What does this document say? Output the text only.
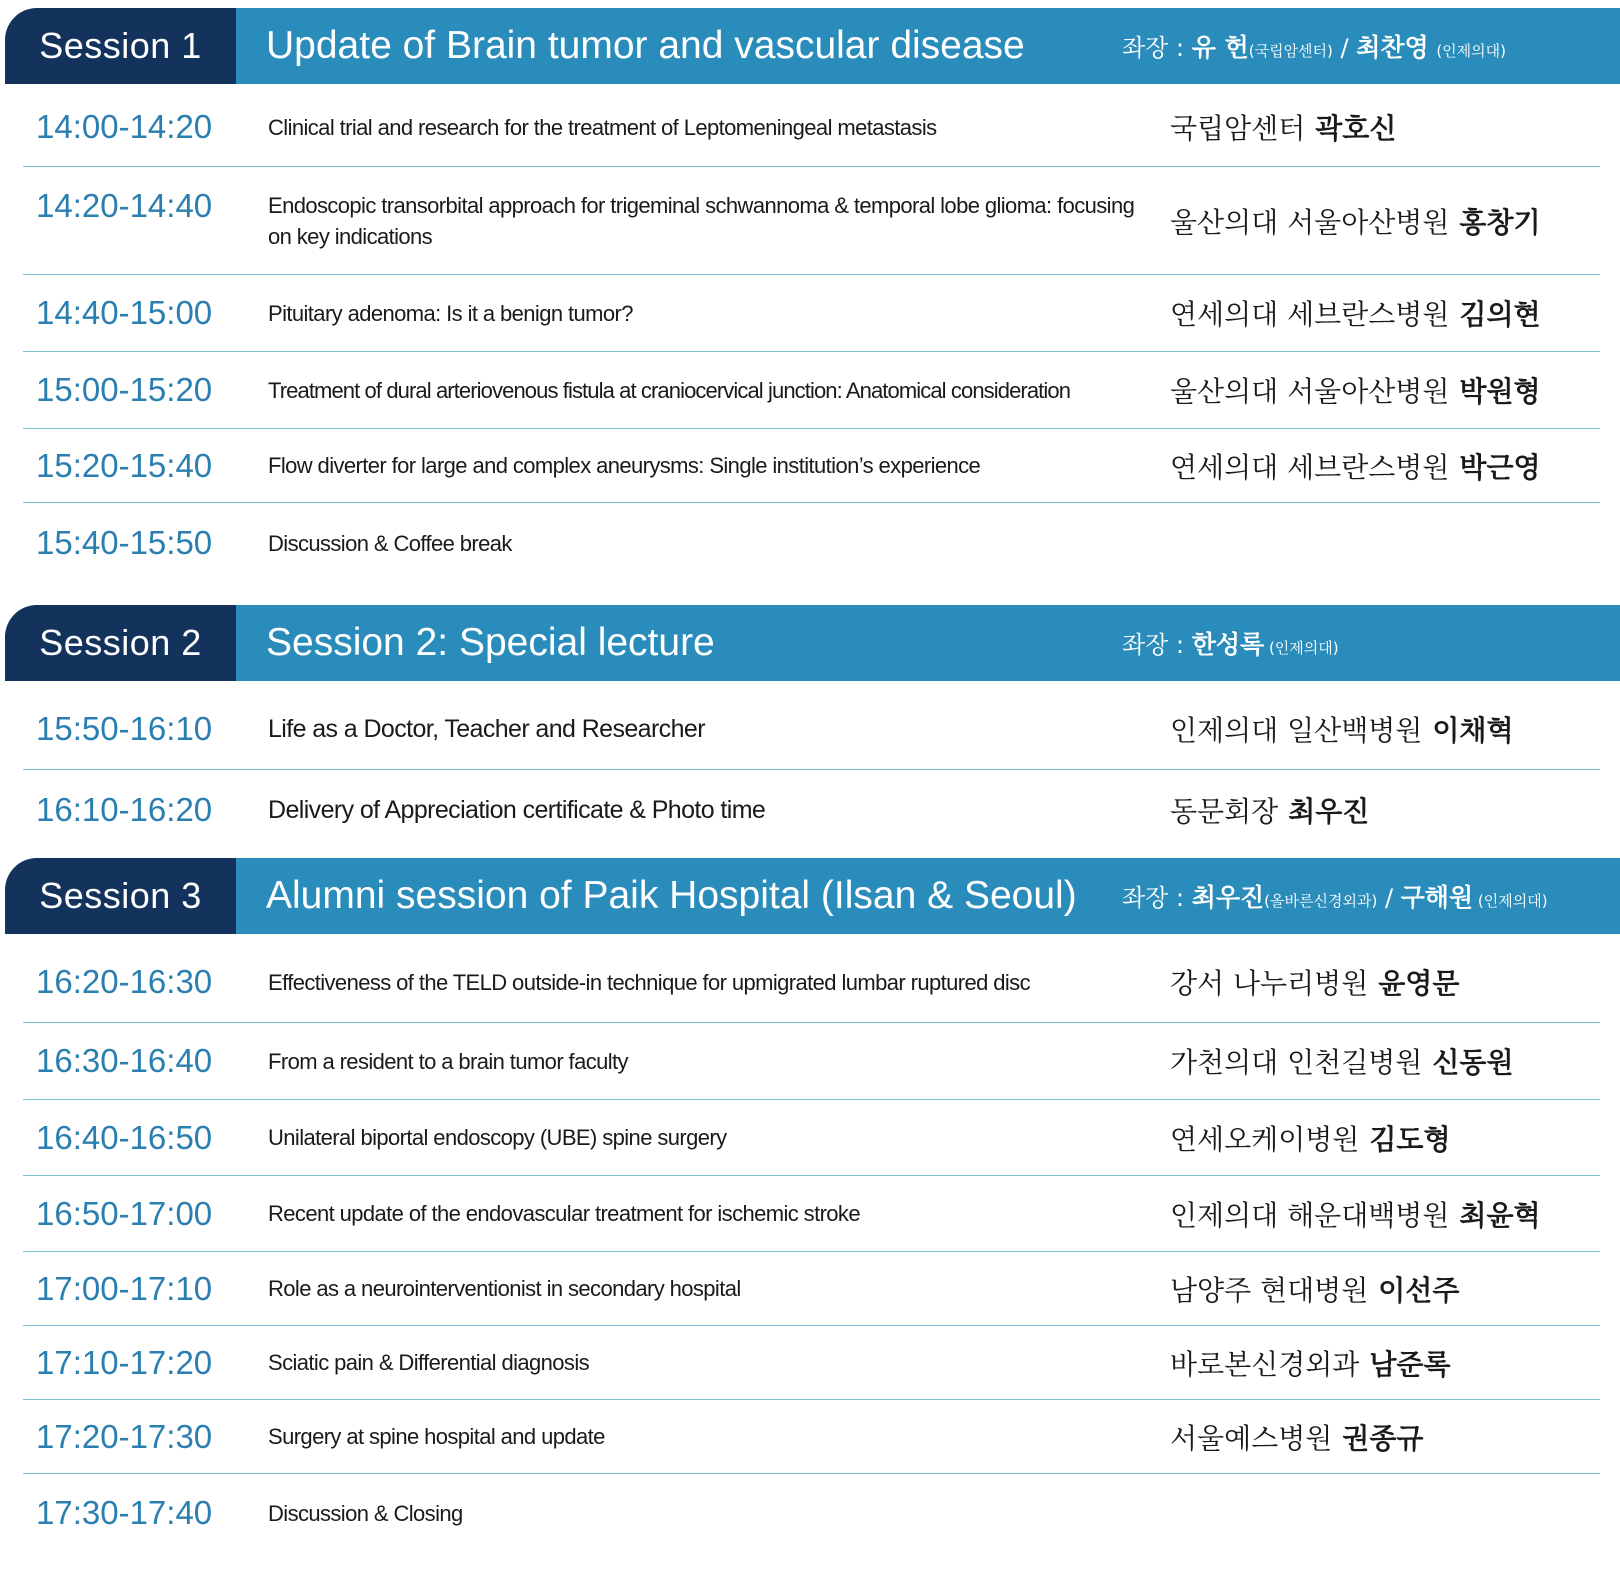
Session 1	Update of Brain tumor and vascular disease	좌장 : 유 헌(국립암센터) / 최찬영 (인제의대)
14:00-14:20	Clinical trial and research for the treatment of Leptomeningeal metastasis	국립암센터 곽호신
14:20-14:40	Endoscopic transorbital approach for trigeminal schwannoma & temporal lobe glioma: focusing on key indications	울산의대 서울아산병원 홍창기
14:40-15:00	Pituitary adenoma: Is it a benign tumor?	연세의대 세브란스병원 김의현
15:00-15:20	Treatment of dural arteriovenous fistula at craniocervical junction: Anatomical consideration	울산의대 서울아산병원 박원형
15:20-15:40	Flow diverter for large and complex aneurysms: Single institution’s experience	연세의대 세브란스병원 박근영
15:40-15:50	Discussion & Coffee break
Session 2	Session 2: Special lecture	좌장 : 한성록 (인제의대)
15:50-16:10 Life as a Doctor, Teacher and Researcher	인제의대 일산백병원 이채혁
16:10-16:20 Delivery of Appreciation certificate & Photo time	동문회장 최우진
Session 3	Alumni session of Paik Hospital (Ilsan & Seoul) 좌장 : 최우진(올바른신경외과) / 구해원 (인제의대)
16:20-16:30	Effectiveness of the TELD outside-in technique for upmigrated lumbar ruptured disc	강서 나누리병원 윤영문
16:30-16:40	From a resident to a brain tumor faculty	가천의대 인천길병원 신동원
16:40-16:50	Unilateral biportal endoscopy (UBE) spine surgery	연세오케이병원 김도형
16:50-17:00	Recent update of the endovascular treatment for ischemic stroke	인제의대 해운대백병원 최윤혁
17:00-17:10	Role as a neurointerventionist in secondary hospital	남양주 현대병원 이선주
17:10-17:20	Sciatic pain & Differential diagnosis	바로본신경외과 남준록
17:20-17:30	Surgery at spine hospital and update	서울예스병원 권종규
17:30-17:40	Discussion & Closing
